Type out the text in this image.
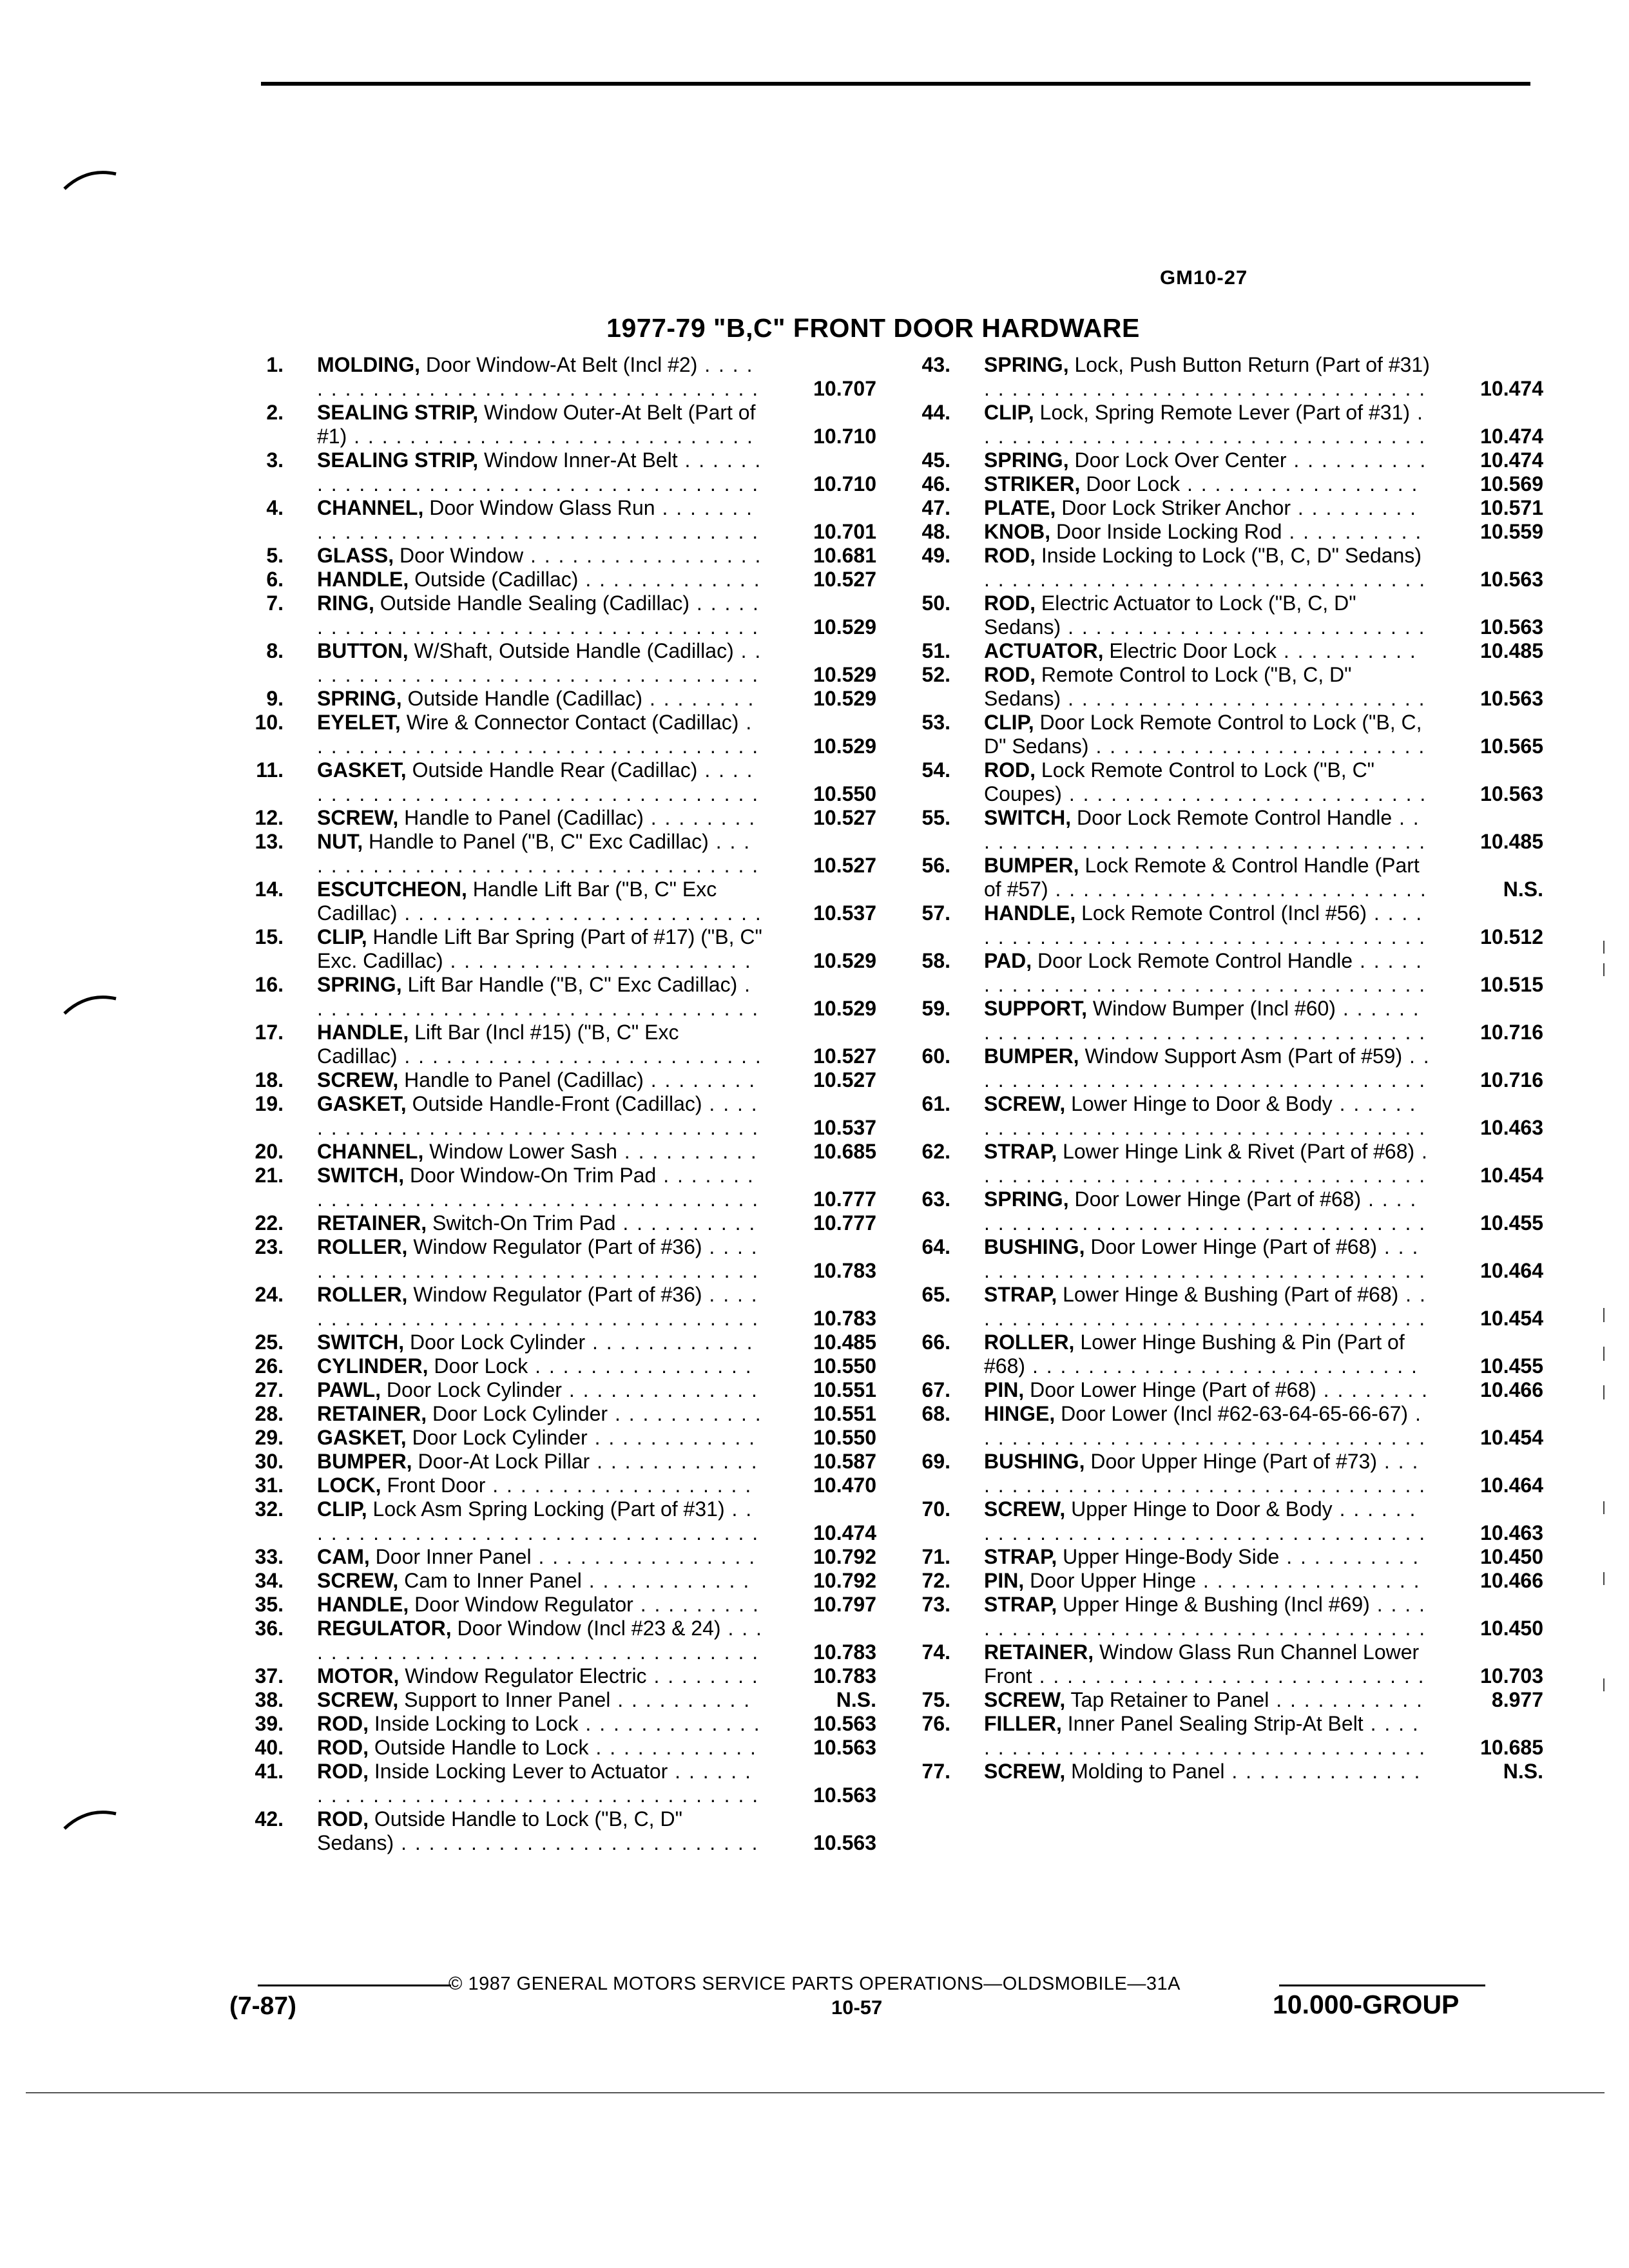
GM10-27
1977-79 "B,C" FRONT DOOR HARDWARE
1. MOLDING, Door Window-At Belt (Incl #2) . . . . . . . . . . . . . . . . . . . . . . . . . . . . . . . . . . . .	10.707
2. SEALING STRIP, Window Outer-At Belt (Part of #1) . . . . . . . . . . . . . . . . . . . . . . . . . . . . .	10.710
3. SEALING STRIP, Window Inner-At Belt . . . . . . . . . . . . . . . . . . . . . . . . . . . . . . . . . . . . . .	10.710
4. CHANNEL, Door Window Glass Run . . . . . . . . . . . . . . . . . . . . . . . . . . . . . . . . . . . . . . .	10.701
5. GLASS, Door Window . . . . . . . . . . . . . . . . .	10.681
6. HANDLE, Outside (Cadillac) . . . . . . . . . . . . .	10.527
7. RING, Outside Handle Sealing (Cadillac) . . . . . . . . . . . . . . . . . . . . . . . . . . . . . . . . . . . . .	10.529
8. BUTTON, W/Shaft, Outside Handle (Cadillac) . . . . . . . . . . . . . . . . . . . . . . . . . . . . . . . . . .	10.529
9. SPRING, Outside Handle (Cadillac) . . . . . . . .	10.529
10. EYELET, Wire & Connector Contact (Cadillac) . . . . . . . . . . . . . . . . . . . . . . . . . . . . . . . . .	10.529
11. GASKET, Outside Handle Rear (Cadillac) . . . . . . . . . . . . . . . . . . . . . . . . . . . . . . . . . . . .	10.550
12. SCREW, Handle to Panel (Cadillac) . . . . . . . .	10.527
13. NUT, Handle to Panel ("B, C" Exc Cadillac) . . . . . . . . . . . . . . . . . . . . . . . . . . . . . . . . . . .	10.527
14. ESCUTCHEON, Handle Lift Bar ("B, C" Exc Cadillac) . . . . . . . . . . . . . . . . . . . . . . . . . .	10.537
15. CLIP, Handle Lift Bar Spring (Part of #17) ("B, C" Exc. Cadillac) . . . . . . . . . . . . . . . . . . . . . .	10.529
16. SPRING, Lift Bar Handle ("B, C" Exc Cadillac) . . . . . . . . . . . . . . . . . . . . . . . . . . . . . . . . .	10.529
17. HANDLE, Lift Bar (Incl #15) ("B, C" Exc Cadillac) . . . . . . . . . . . . . . . . . . . . . . . . . .	10.527
18. SCREW, Handle to Panel (Cadillac) . . . . . . . .	10.527
19. GASKET, Outside Handle-Front (Cadillac) . . . . . . . . . . . . . . . . . . . . . . . . . . . . . . . . . . . .	10.537
20. CHANNEL, Window Lower Sash . . . . . . . . . .	10.685
21. SWITCH, Door Window-On Trim Pad . . . . . . . . . . . . . . . . . . . . . . . . . . . . . . . . . . . . . . .	10.777
22. RETAINER, Switch-On Trim Pad . . . . . . . . . .	10.777
23. ROLLER, Window Regulator (Part of #36) . . . . . . . . . . . . . . . . . . . . . . . . . . . . . . . . . . . .	10.783
24. ROLLER, Window Regulator (Part of #36) . . . . . . . . . . . . . . . . . . . . . . . . . . . . . . . . . . . .	10.783
25. SWITCH, Door Lock Cylinder . . . . . . . . . . . .	10.485
26. CYLINDER, Door Lock . . . . . . . . . . . . . . . .	10.550
27. PAWL, Door Lock Cylinder . . . . . . . . . . . . . .	10.551
28. RETAINER, Door Lock Cylinder . . . . . . . . . . .	10.551
29. GASKET, Door Lock Cylinder . . . . . . . . . . . .	10.550
30. BUMPER, Door-At Lock Pillar . . . . . . . . . . . .	10.587
31. LOCK, Front Door . . . . . . . . . . . . . . . . . . .	10.470
32. CLIP, Lock Asm Spring Locking (Part of #31) . . . . . . . . . . . . . . . . . . . . . . . . . . . . . . . . . .	10.474
33. CAM, Door Inner Panel . . . . . . . . . . . . . . . .	10.792
34. SCREW, Cam to Inner Panel . . . . . . . . . . . .	10.792
35. HANDLE, Door Window Regulator . . . . . . . . .	10.797
36. REGULATOR, Door Window (Incl #23 & 24) . . . . . . . . . . . . . . . . . . . . . . . . . . . . . . . . . . .	10.783
37. MOTOR, Window Regulator Electric . . . . . . . .	10.783
38. SCREW, Support to Inner Panel . . . . . . . . . .	N.S.
39. ROD, Inside Locking to Lock . . . . . . . . . . . . .	10.563
40. ROD, Outside Handle to Lock . . . . . . . . . . . .	10.563
41. ROD, Inside Locking Lever to Actuator . . . . . . . . . . . . . . . . . . . . . . . . . . . . . . . . . . . . . .	10.563
42. ROD, Outside Handle to Lock ("B, C, D" Sedans) . . . . . . . . . . . . . . . . . . . . . . . . . .	10.563
43. SPRING, Lock, Push Button Return (Part of #31) . . . . . . . . . . . . . . . . . . . . . . . . . . . . . . . .	10.474
44. CLIP, Lock, Spring Remote Lever (Part of #31) . . . . . . . . . . . . . . . . . . . . . . . . . . . . . . . . .	10.474
45. SPRING, Door Lock Over Center . . . . . . . . . .	10.474
46. STRIKER, Door Lock . . . . . . . . . . . . . . . . .	10.569
47. PLATE, Door Lock Striker Anchor . . . . . . . . .	10.571
48. KNOB, Door Inside Locking Rod . . . . . . . . . .	10.559
49. ROD, Inside Locking to Lock ("B, C, D" Sedans) . . . . . . . . . . . . . . . . . . . . . . . . . . . . . . . .	10.563
50. ROD, Electric Actuator to Lock ("B, C, D" Sedans) . . . . . . . . . . . . . . . . . . . . . . . . . .	10.563
51. ACTUATOR, Electric Door Lock . . . . . . . . . .	10.485
52. ROD, Remote Control to Lock ("B, C, D" Sedans) . . . . . . . . . . . . . . . . . . . . . . . . . .	10.563
53. CLIP, Door Lock Remote Control to Lock ("B, C, D" Sedans) . . . . . . . . . . . . . . . . . . . . . . . .	10.565
54. ROD, Lock Remote Control to Lock ("B, C" Coupes) . . . . . . . . . . . . . . . . . . . . . . . . . .	10.563
55. SWITCH, Door Lock Remote Control Handle . . . . . . . . . . . . . . . . . . . . . . . . . . . . . . . . . .	10.485
56. BUMPER, Lock Remote & Control Handle (Part of #57) . . . . . . . . . . . . . . . . . . . . . . . . . . .	N.S.
57. HANDLE, Lock Remote Control (Incl #56) . . . . . . . . . . . . . . . . . . . . . . . . . . . . . . . . . . . .	10.512
58. PAD, Door Lock Remote Control Handle . . . . . . . . . . . . . . . . . . . . . . . . . . . . . . . . . . . . .	10.515
59. SUPPORT, Window Bumper (Incl #60) . . . . . . . . . . . . . . . . . . . . . . . . . . . . . . . . . . . . . .	10.716
60. BUMPER, Window Support Asm (Part of #59) . . . . . . . . . . . . . . . . . . . . . . . . . . . . . . . . . .	10.716
61. SCREW, Lower Hinge to Door & Body . . . . . . . . . . . . . . . . . . . . . . . . . . . . . . . . . . . . . .	10.463
62. STRAP, Lower Hinge Link & Rivet (Part of #68) . . . . . . . . . . . . . . . . . . . . . . . . . . . . . . . . .	10.454
63. SPRING, Door Lower Hinge (Part of #68) . . . . . . . . . . . . . . . . . . . . . . . . . . . . . . . . . . . .	10.455
64. BUSHING, Door Lower Hinge (Part of #68) . . . . . . . . . . . . . . . . . . . . . . . . . . . . . . . . . . .	10.464
65. STRAP, Lower Hinge & Bushing (Part of #68) . . . . . . . . . . . . . . . . . . . . . . . . . . . . . . . . . .	10.454
66. ROLLER, Lower Hinge Bushing & Pin (Part of #68) . . . . . . . . . . . . . . . . . . . . . . . . . . . .	10.455
67. PIN, Door Lower Hinge (Part of #68) . . . . . . . .	10.466
68. HINGE, Door Lower (Incl #62-63-64-65-66-67) . . . . . . . . . . . . . . . . . . . . . . . . . . . . . . . . .	10.454
69. BUSHING, Door Upper Hinge (Part of #73) . . . . . . . . . . . . . . . . . . . . . . . . . . . . . . . . . . .	10.464
70. SCREW, Upper Hinge to Door & Body . . . . . . . . . . . . . . . . . . . . . . . . . . . . . . . . . . . . . .	10.463
71. STRAP, Upper Hinge-Body Side . . . . . . . . . .	10.450
72. PIN, Door Upper Hinge . . . . . . . . . . . . . . . .	10.466
73. STRAP, Upper Hinge & Bushing (Incl #69) . . . . . . . . . . . . . . . . . . . . . . . . . . . . . . . . . . . .	10.450
74. RETAINER, Window Glass Run Channel Lower Front . . . . . . . . . . . . . . . . . . . . . . . . . . . .	10.703
75. SCREW, Tap Retainer to Panel . . . . . . . . . . .	8.977
76. FILLER, Inner Panel Sealing Strip-At Belt . . . . . . . . . . . . . . . . . . . . . . . . . . . . . . . . . . . .	10.685
77. SCREW, Molding to Panel . . . . . . . . . . . . . .	N.S.
© 1987 GENERAL MOTORS SERVICE PARTS OPERATIONS—OLDSMOBILE—31A
(7-87)	10-57	10.000-GROUP
